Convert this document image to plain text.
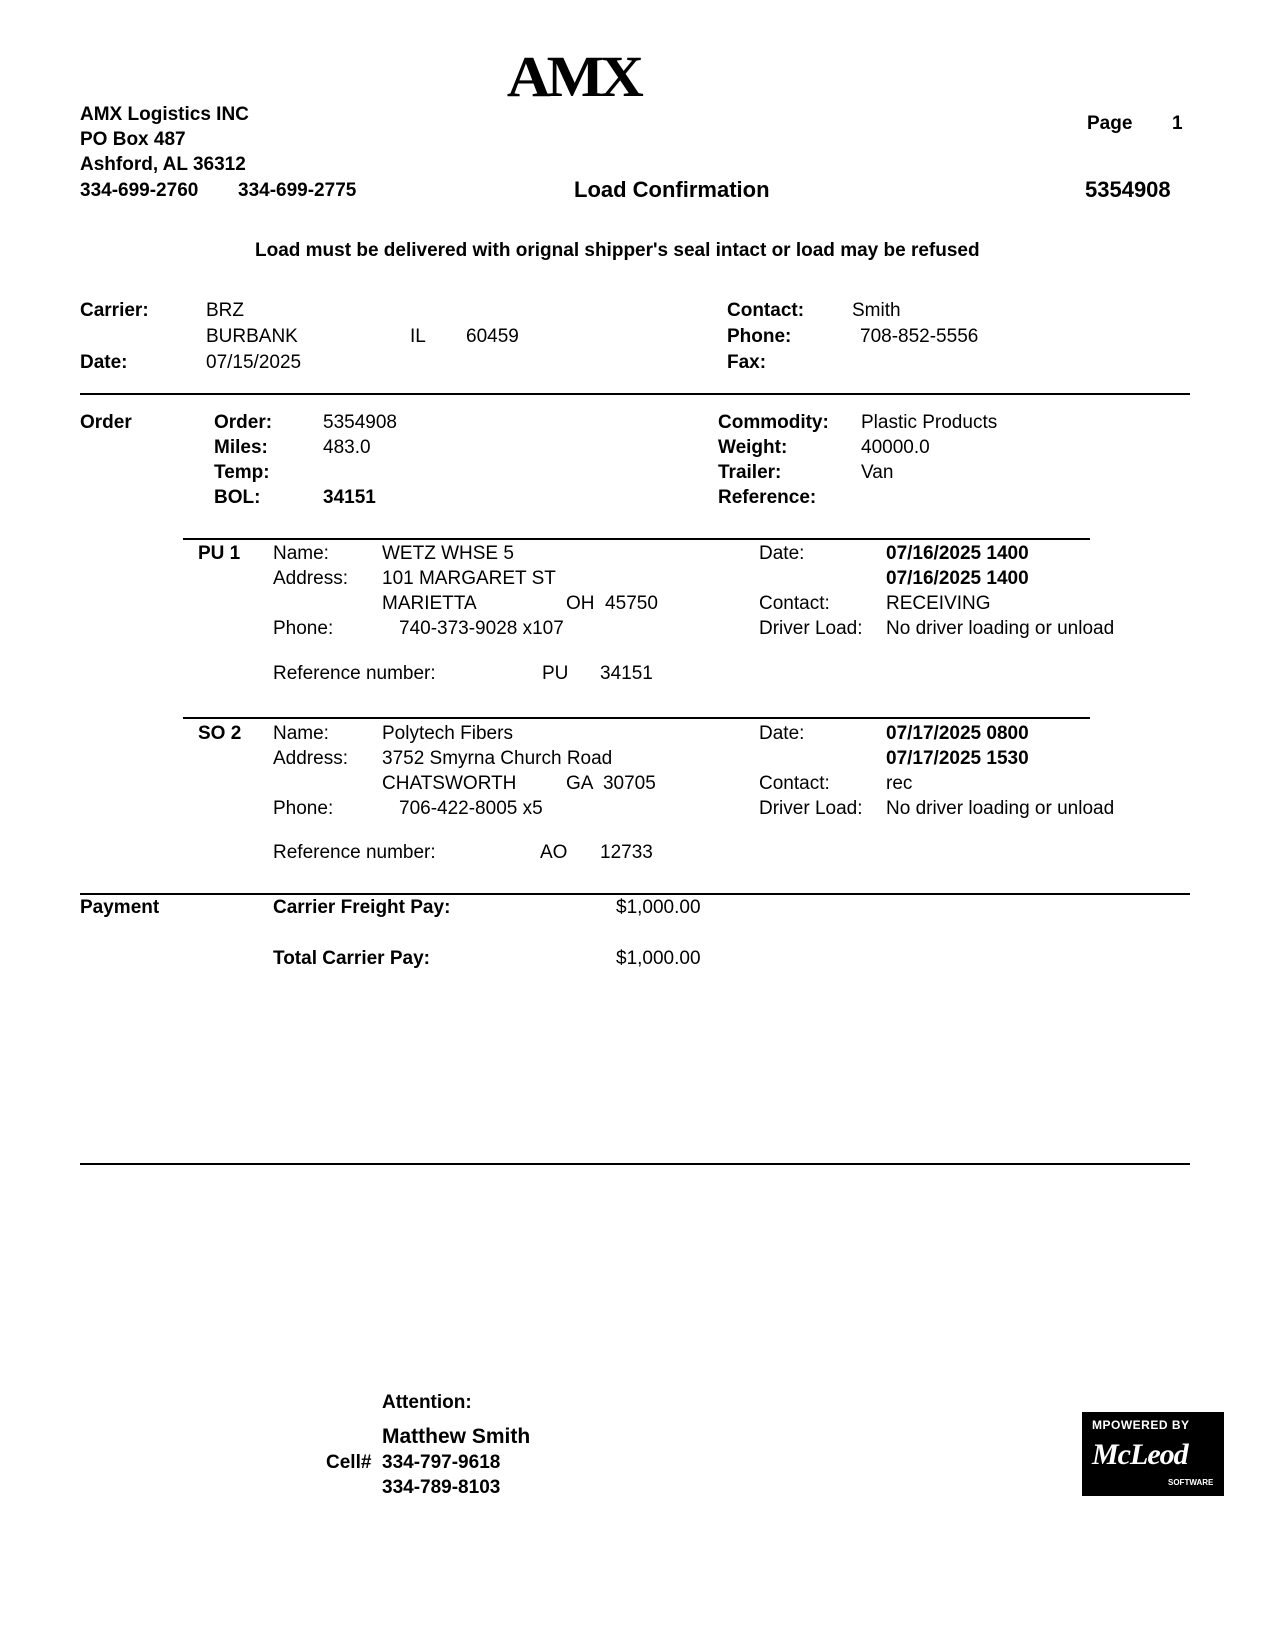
AMX
AMX Logistics INC
PO Box 487
Ashford, AL 36312
334-699-2760 334-699-2775	Load Confirmation
Page 1
5354908
Load must be delivered with orignal shipper's seal intact or load may be refused
Carrier:	BRZ
BURBANK	IL 60459
Date:	07/15/2025
Contact:	Smith
Phone:	708-852-5556
Fax:
Order	Order:	5354908
Miles:	483.0
Temp:
BOL:	34151
Commodity: Plastic Products
Weight:	40000.0
Trailer:	Van
Reference:
PU 1 Name:	WETZ WHSE 5
Address: 101 MARGARET ST
MARIETTA	OH  45750
Phone:	740-373-9028 x107
Reference number:	PU 34151
Date:	07/16/2025 1400
07/16/2025 1400
Contact:	RECEIVING
Driver Load: No driver loading or unload
SO 2 Name:	Polytech Fibers
Address: 3752 Smyrna Church Road
CHATSWORTH	GA  30705
Phone:	706-422-8005 x5
Reference number:	AO 12733
Date:	07/17/2025 0800
07/17/2025 1530
Contact:	rec
Driver Load: No driver loading or unload
Payment	Carrier Freight Pay:	$1,000.00
Total Carrier Pay:	$1,000.00
Attention:
Matthew Smith
Cell# 334-797-9618
334-789-8103
MPOWERED BY
McLeod
SOFTWARE
